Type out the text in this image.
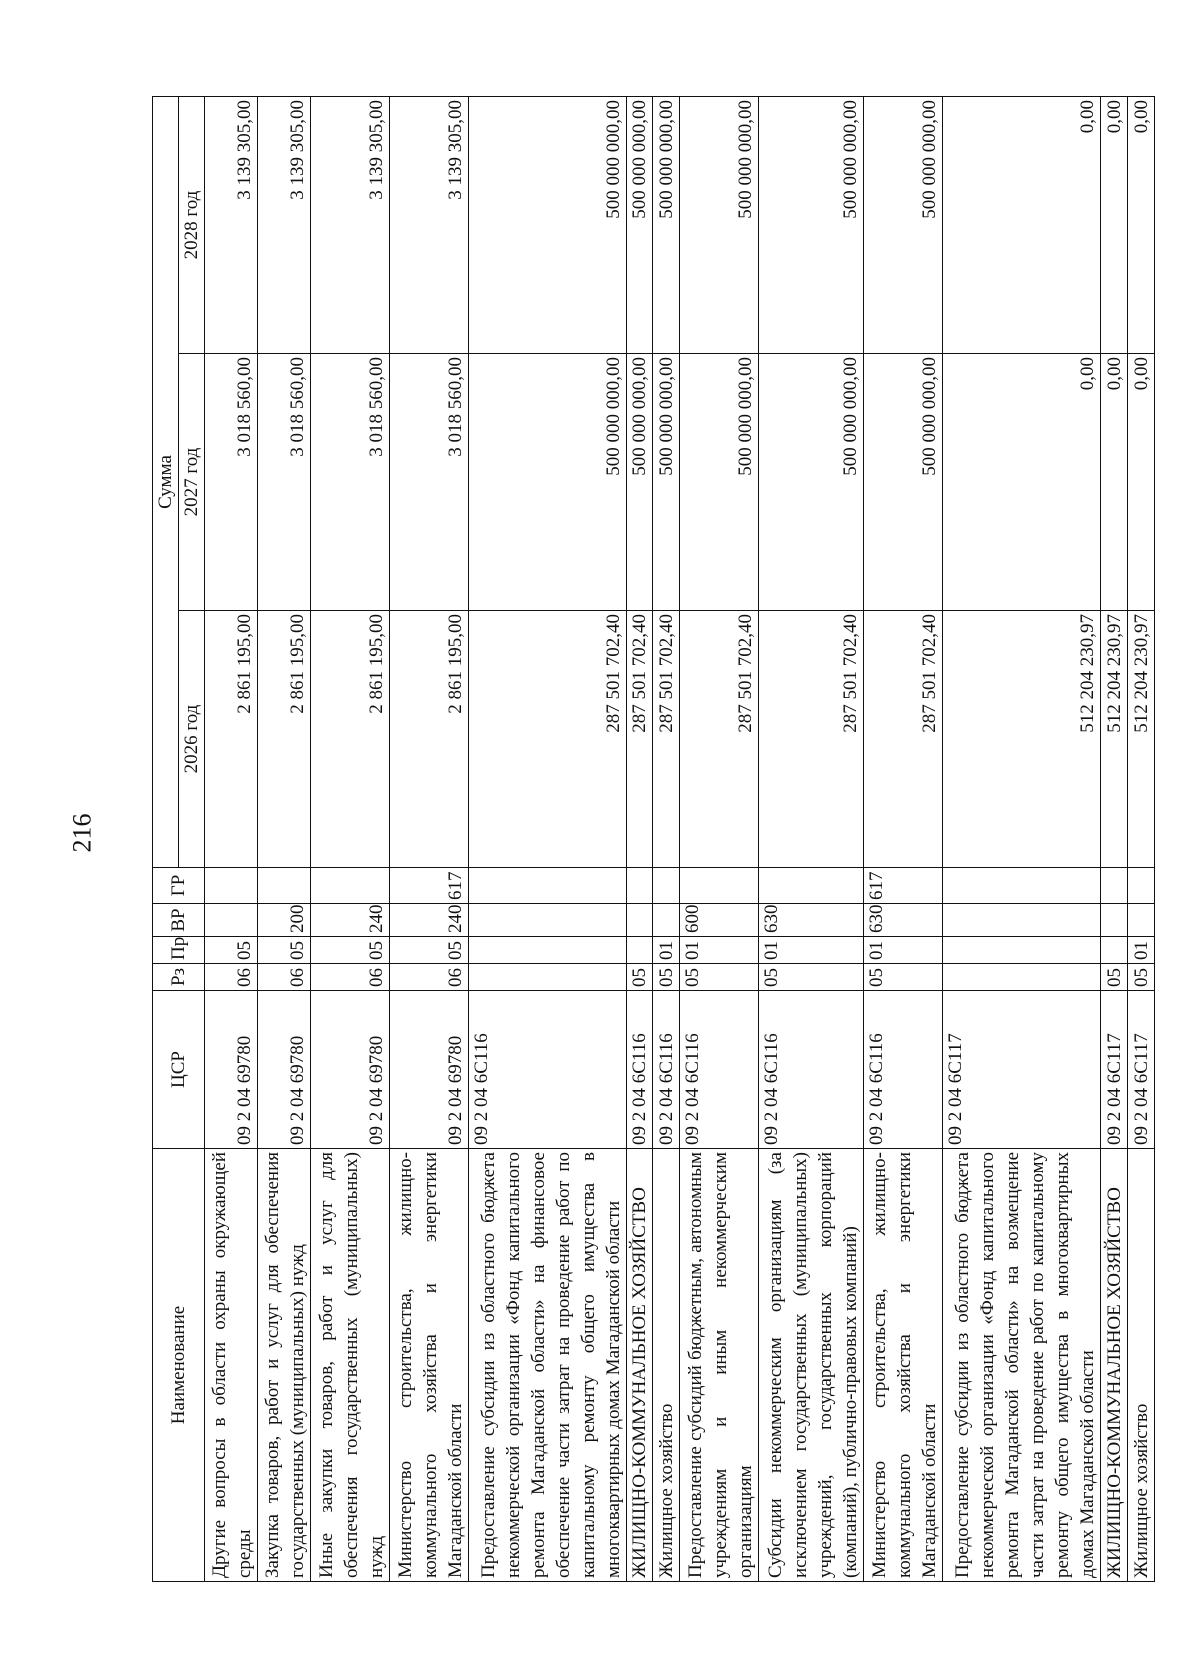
216
Наименование	ЦСР	Рз	Пр	ВР	ГР	Сумма		
						2026 год	2027 год	2028 год
Другие вопросы в области охраны окружающей среды	09 2 04 69780	06	05			2 861 195,00	3 018 560,00	3 139 305,00
Закупка товаров, работ и услуг для обеспечения государственных (муниципальных) нужд	09 2 04 69780	06	05	200		2 861 195,00	3 018 560,00	3 139 305,00
Иные закупки товаров, работ и услуг для обеспечения государственных (муниципальных) нужд	09 2 04 69780	06	05	240		2 861 195,00	3 018 560,00	3 139 305,00
Министерство строительства, жилищно-коммунального хозяйства и энергетики Магаданской области	09 2 04 69780	06	05	240	617	2 861 195,00	3 018 560,00	3 139 305,00
Предоставление субсидии из областного бюджета некоммерческой организации «Фонд капитального ремонта Магаданской области» на финансовое обеспечение части затрат на проведение работ по капитальному ремонту общего имущества в многоквартирных домах Магаданской области	09 2 04 6С116					287 501 702,40	500 000 000,00	500 000 000,00
ЖИЛИЩНО-КОММУНАЛЬНОЕ ХОЗЯЙСТВО	09 2 04 6С116	05				287 501 702,40	500 000 000,00	500 000 000,00
Жилищное хозяйство	09 2 04 6С116	05	01			287 501 702,40	500 000 000,00	500 000 000,00
Предоставление субсидий бюджетным, автономным учреждениям и иным некоммерческим организациям	09 2 04 6С116	05	01	600		287 501 702,40	500 000 000,00	500 000 000,00
Субсидии некоммерческим организациям (за исключением государственных (муниципальных) учреждений, государственных корпораций (компаний), публично-правовых компаний)	09 2 04 6С116	05	01	630		287 501 702,40	500 000 000,00	500 000 000,00
Министерство строительства, жилищно-коммунального хозяйства и энергетики Магаданской области	09 2 04 6С116	05	01	630	617	287 501 702,40	500 000 000,00	500 000 000,00
Предоставление субсидии из областного бюджета некоммерческой организации «Фонд капитального ремонта Магаданской области» на возмещение части затрат на проведение работ по капитальному ремонту общего имущества в многоквартирных домах Магаданской области	09 2 04 6С117					512 204 230,97	0,00	0,00
ЖИЛИЩНО-КОММУНАЛЬНОЕ ХОЗЯЙСТВО	09 2 04 6С117	05				512 204 230,97	0,00	0,00
Жилищное хозяйство	09 2 04 6С117	05	01			512 204 230,97	0,00	0,00
